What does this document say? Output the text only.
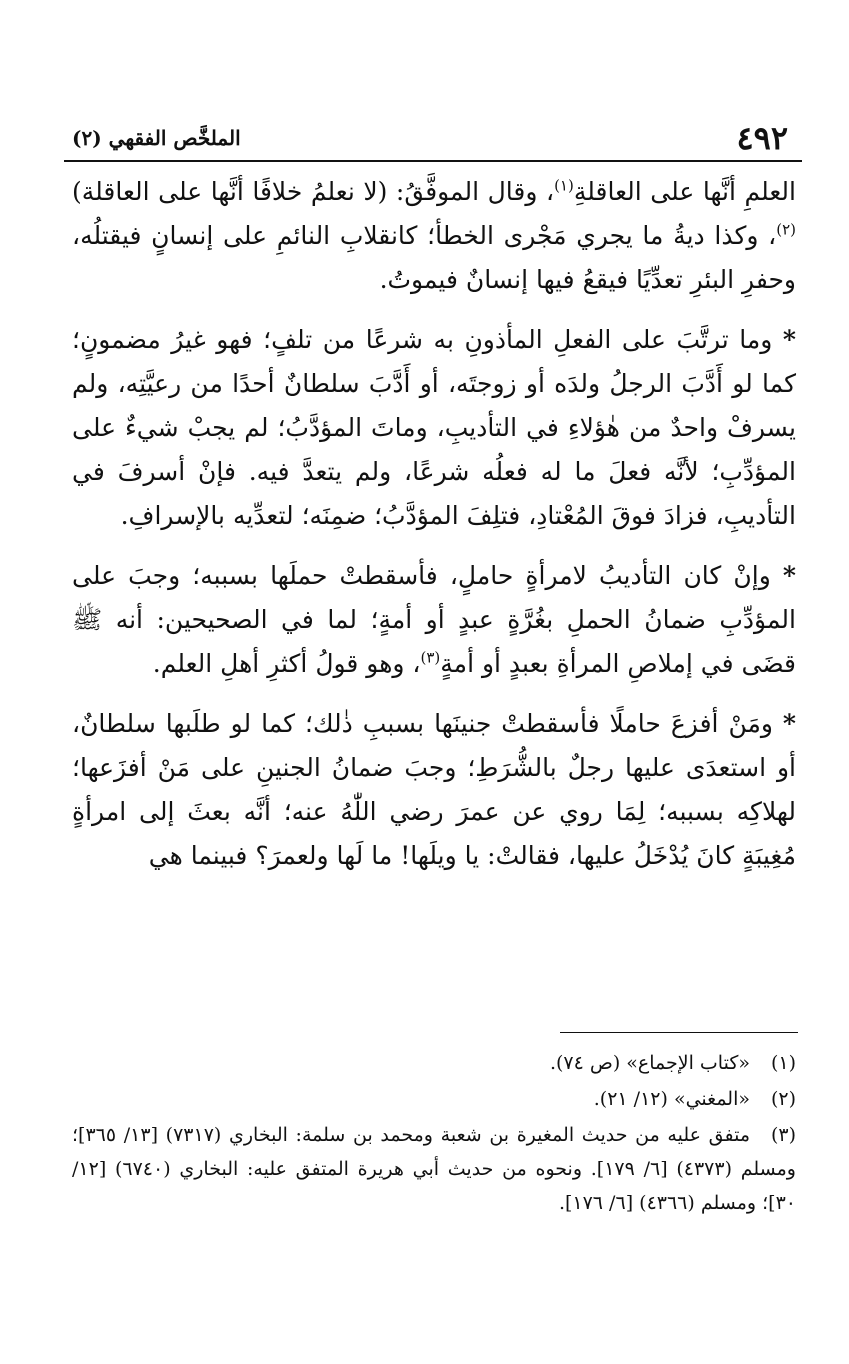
٤٩٢
الملخَّص الفقهي (٢)

العلمِ أنَّها على العاقلةِ$^{(١)}$، وقال الموفَّقُ: (لا نعلمُ خلافًا أنَّها على العاقلة)$^{(٢)}$، وكذا ديةُ ما يجري مَجْرى الخطأ؛ كانقلابِ النائمِ على إنسانٍ فيقتلُه، وحفرِ البئرِ تعدِّيًا فيقعُ فيها إنسانٌ فيموتُ.

* وما ترتَّبَ على الفعلِ المأذونِ به شرعًا من تلفٍ؛ فهو غيرُ مضمونٍ؛ كما لو أَدَّبَ الرجلُ ولدَه أو زوجتَه، أو أَدَّبَ سلطانٌ أحدًا من رعيَّتِه، ولم يسرفْ واحدٌ من هٰؤلاءِ في التأديبِ، وماتَ المؤدَّبُ؛ لم يجبْ شيءٌ على المؤدِّبِ؛ لأنَّه فعلَ ما له فعلُه شرعًا، ولم يتعدَّ فيه. فإنْ أسرفَ في التأديبِ، فزادَ فوقَ المُعْتادِ، فتلِفَ المؤدَّبُ؛ ضمِنَه؛ لتعدِّيه بالإسرافِ.

* وإنْ كان التأديبُ لامرأةٍ حاملٍ، فأسقطتْ حملَها بسببه؛ وجبَ على المؤدِّبِ ضمانُ الحملِ بغُرَّةٍ عبدٍ أو أمةٍ؛ لما في الصحيحين: أنه ﷺ قضَى في إملاصِ المرأةِ بعبدٍ أو أمةٍ$^{(٣)}$، وهو قولُ أكثرِ أهلِ العلم.

* ومَنْ أفزعَ حاملًا فأسقطتْ جنينَها بسببِ ذٰلك؛ كما لو طلَبها سلطانٌ، أو استعدَى عليها رجلٌ بالشُّرَطِ؛ وجبَ ضمانُ الجنينِ على مَنْ أفزَعها؛ لهلاكِه بسببه؛ لِمَا روي عن عمرَ رضي اللّٰهُ عنه؛ أنَّه بعثَ إلى امرأةٍ مُغِيبَةٍ كانَ يُدْخَلُ عليها، فقالتْ: يا ويلَها! ما لَها ولعمرَ؟ فبينما هي

(١)«كتاب الإجماع» (ص ٧٤).

(٢)«المغني» (١٢/ ٢١).

(٣)متفق عليه من حديث المغيرة بن شعبة ومحمد بن سلمة: البخاري (٧٣١٧) [١٣/ ٣٦٥]؛ ومسلم (٤٣٧٣) [٦/ ١٧٩]. ونحوه من حديث أبي هريرة المتفق عليه: البخاري (٦٧٤٠) [١٢/ ٣٠]؛ ومسلم (٤٣٦٦) [٦/ ١٧٦].
